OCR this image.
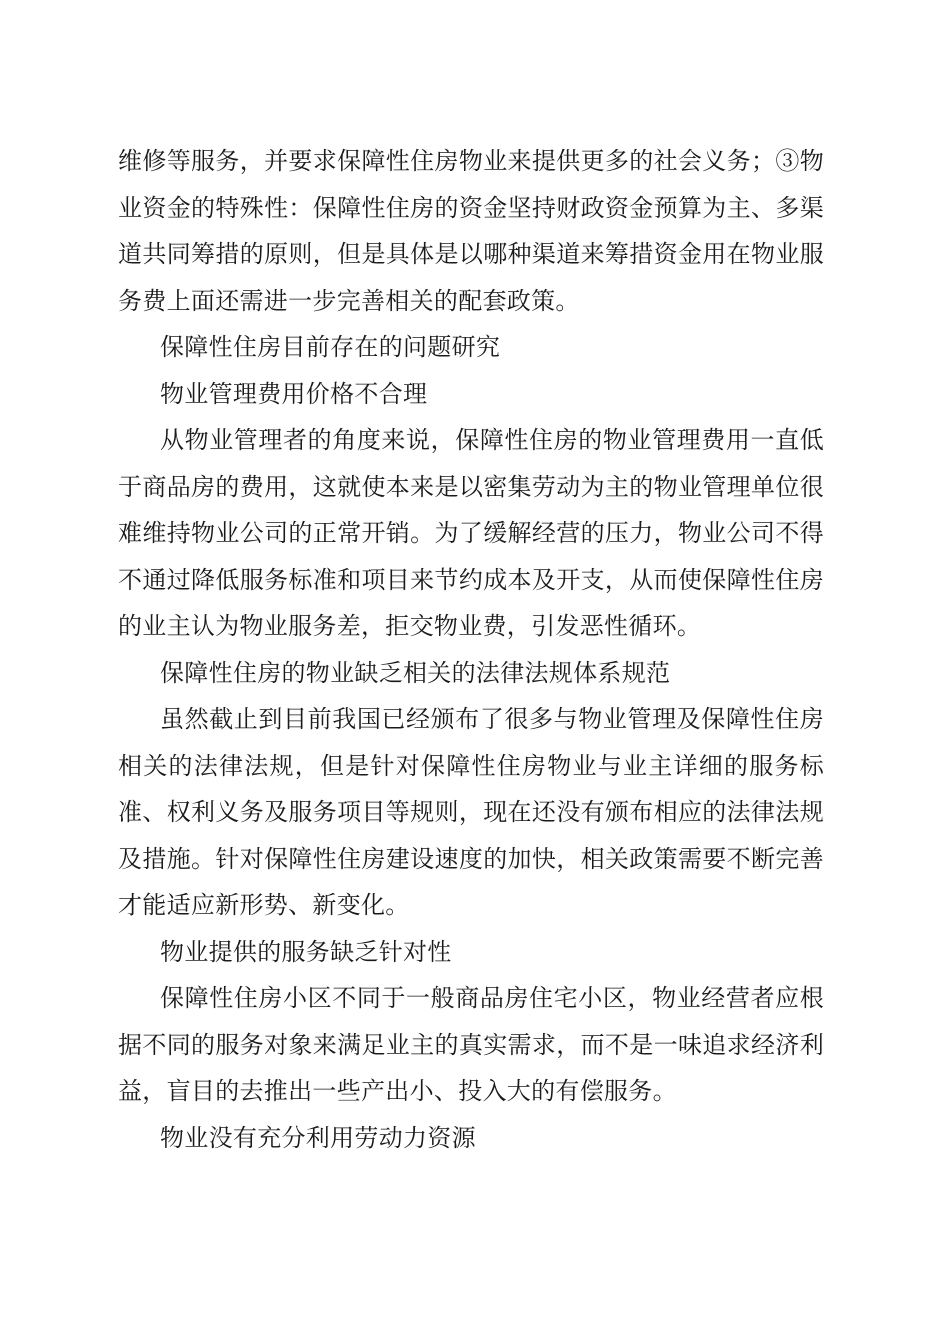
维修等服务，并要求保障性住房物业来提供更多的社会义务；③物业资金的特殊性：保障性住房的资金坚持财政资金预算为主、多渠道共同筹措的原则，但是具体是以哪种渠道来筹措资金用在物业服务费上面还需进一步完善相关的配套政策。

保障性住房目前存在的问题研究

物业管理费用价格不合理

从物业管理者的角度来说，保障性住房的物业管理费用一直低于商品房的费用，这就使本来是以密集劳动为主的物业管理单位很难维持物业公司的正常开销。为了缓解经营的压力，物业公司不得不通过降低服务标准和项目来节约成本及开支，从而使保障性住房的业主认为物业服务差，拒交物业费，引发恶性循环。

保障性住房的物业缺乏相关的法律法规体系规范

虽然截止到目前我国已经颁布了很多与物业管理及保障性住房相关的法律法规，但是针对保障性住房物业与业主详细的服务标准、权利义务及服务项目等规则，现在还没有颁布相应的法律法规及措施。针对保障性住房建设速度的加快，相关政策需要不断完善才能适应新形势、新变化。

物业提供的服务缺乏针对性

保障性住房小区不同于一般商品房住宅小区，物业经营者应根据不同的服务对象来满足业主的真实需求，而不是一味追求经济利益，盲目的去推出一些产出小、投入大的有偿服务。

物业没有充分利用劳动力资源
